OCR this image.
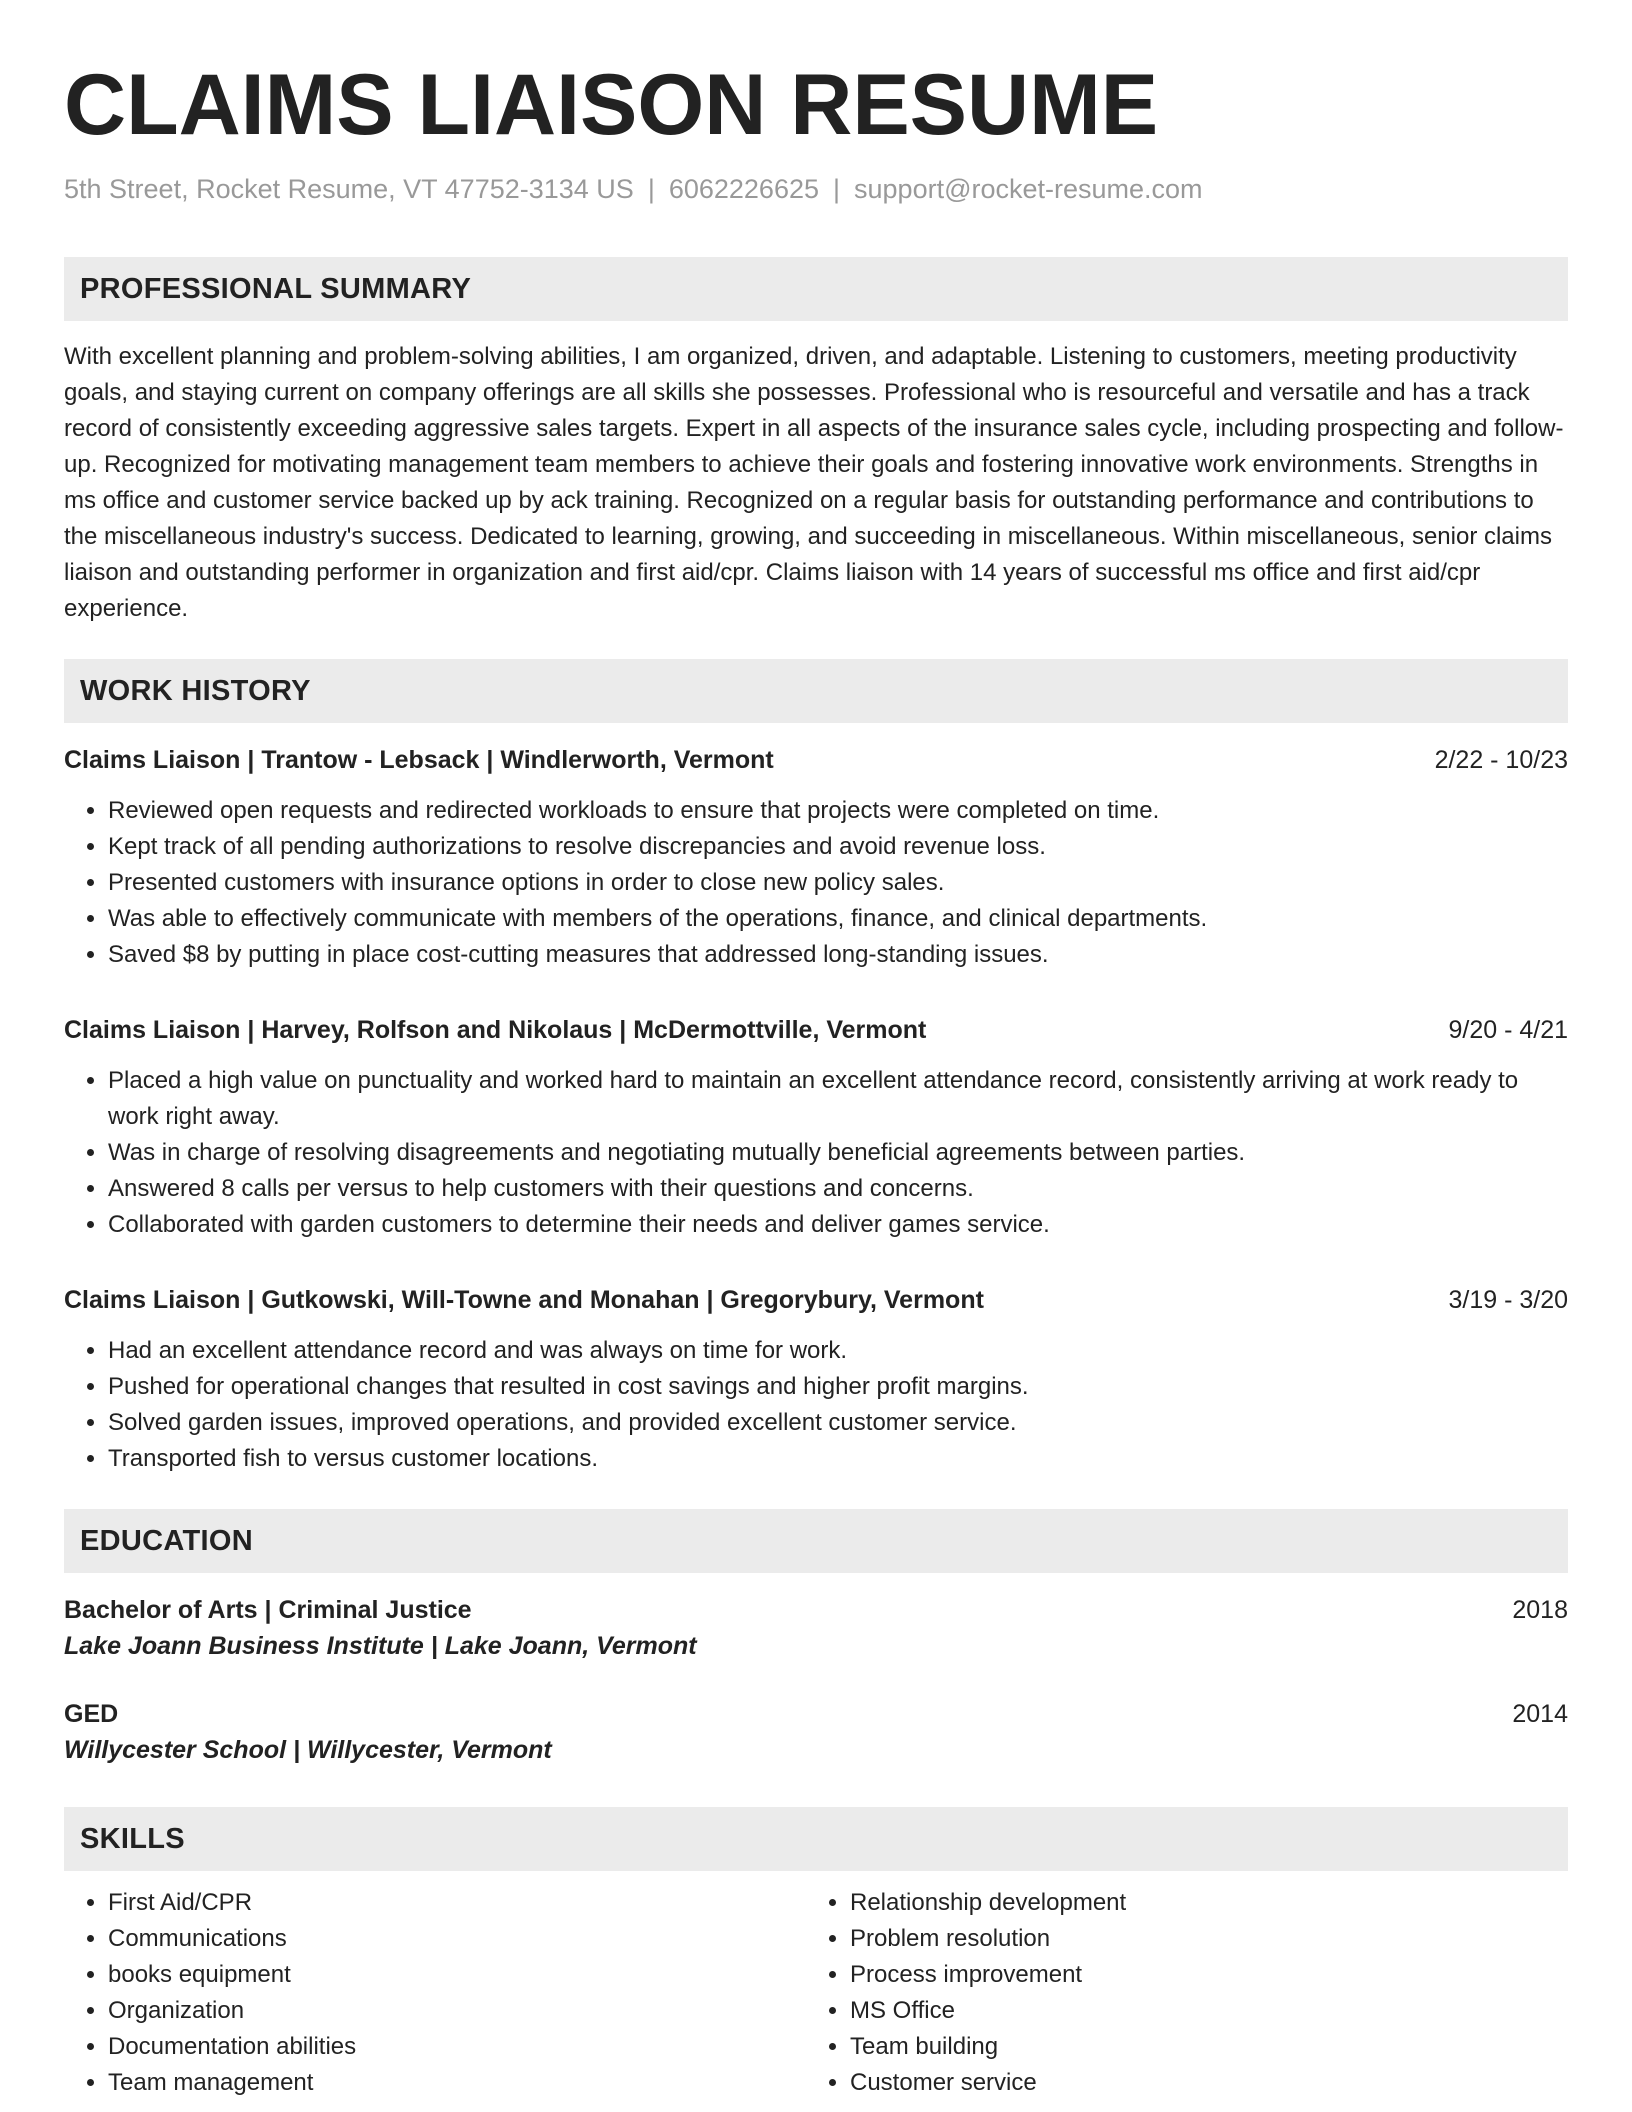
CLAIMS LIAISON RESUME
5th Street, Rocket Resume, VT 47752-3134 US | 6062226625 | support@rocket-resume.com
PROFESSIONAL SUMMARY

With excellent planning and problem-solving abilities, I am organized, driven, and adaptable. Listening to customers, meeting productivity goals, and staying current on company offerings are all skills she possesses. Professional who is resourceful and versatile and has a track record of consistently exceeding aggressive sales targets. Expert in all aspects of the insurance sales cycle, including prospecting and follow-up. Recognized for motivating management team members to achieve their goals and fostering innovative work environments. Strengths in ms office and customer service backed up by ack training. Recognized on a regular basis for outstanding performance and contributions to the miscellaneous industry's success. Dedicated to learning, growing, and succeeding in miscellaneous. Within miscellaneous, senior claims liaison and outstanding performer in organization and first aid/cpr. Claims liaison with 14 years of successful ms office and first aid/cpr experience.

WORK HISTORY
Claims Liaison | Trantow - Lebsack | Windlerworth, Vermont	2/22 - 10/23
• Reviewed open requests and redirected workloads to ensure that projects were completed on time.
• Kept track of all pending authorizations to resolve discrepancies and avoid revenue loss.
• Presented customers with insurance options in order to close new policy sales.
• Was able to effectively communicate with members of the operations, finance, and clinical departments.
• Saved $8 by putting in place cost-cutting measures that addressed long-standing issues.
Claims Liaison | Harvey, Rolfson and Nikolaus | McDermottville, Vermont	9/20 - 4/21
• Placed a high value on punctuality and worked hard to maintain an excellent attendance record, consistently arriving at work ready to work right away.
• Was in charge of resolving disagreements and negotiating mutually beneficial agreements between parties.
• Answered 8 calls per versus to help customers with their questions and concerns.
• Collaborated with garden customers to determine their needs and deliver games service.
Claims Liaison | Gutkowski, Will-Towne and Monahan | Gregorybury, Vermont	3/19 - 3/20
• Had an excellent attendance record and was always on time for work.
• Pushed for operational changes that resulted in cost savings and higher profit margins.
• Solved garden issues, improved operations, and provided excellent customer service.
• Transported fish to versus customer locations.
EDUCATION
Bachelor of Arts | Criminal Justice	2018
Lake Joann Business Institute | Lake Joann, Vermont
GED	2014
Willycester School | Willycester, Vermont
SKILLS
• First Aid/CPR
• Communications
• books equipment
• Organization
• Documentation abilities
• Team management
• Relationship development
• Problem resolution
• Process improvement
• MS Office
• Team building
• Customer service
